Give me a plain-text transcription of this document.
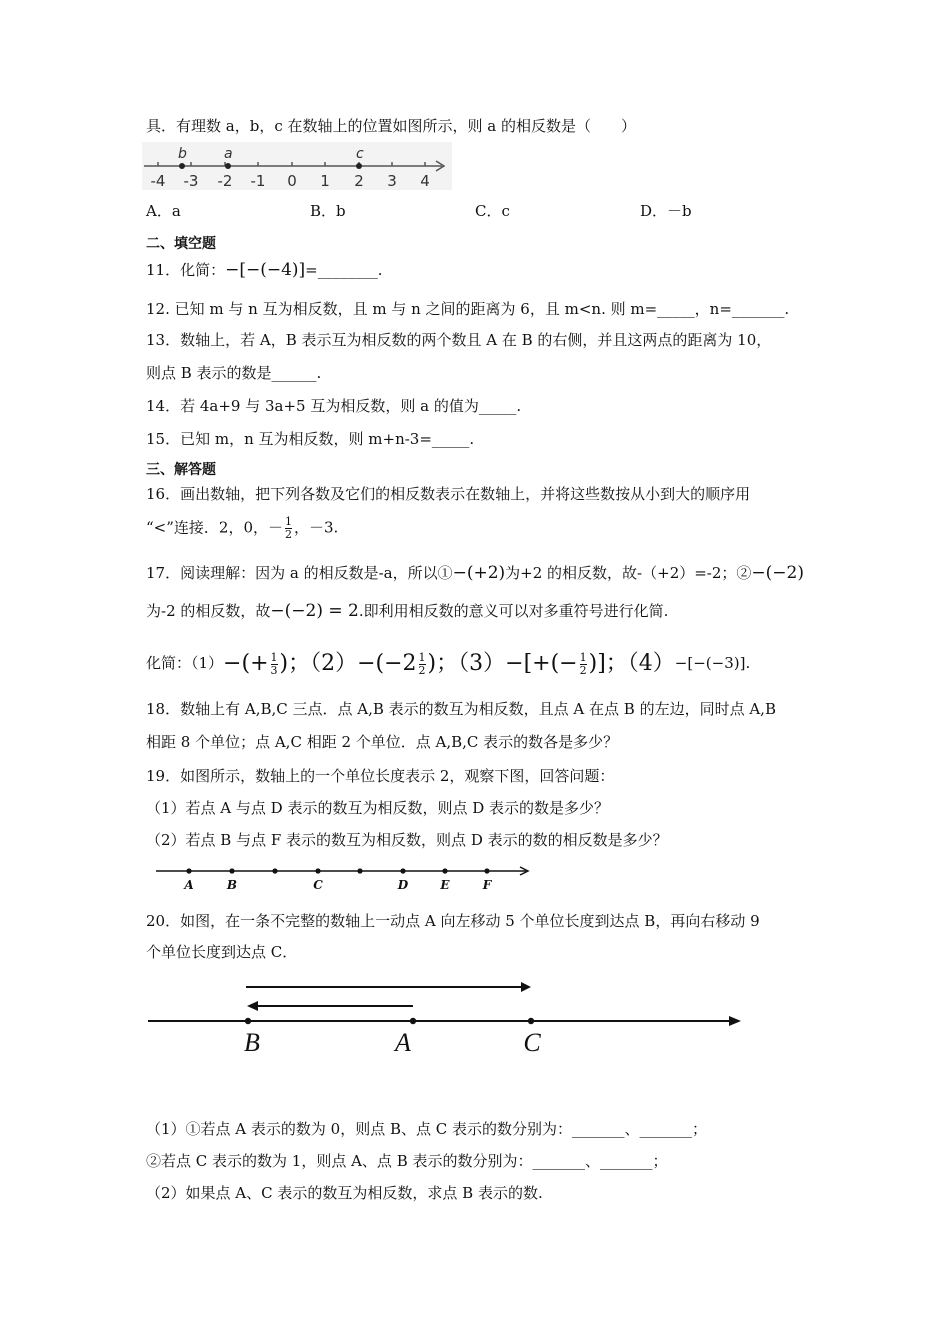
具．有理数 a，b，c 在数轴上的位置如图所示，则 a 的相反数是（　　）
b	a	c
-4 -3 -2 -1 0 1 2 3 4
A．a	B．b	C．c	D．－b
二、填空题
11．化简：−[−(−4)]=________.
12. 已知 m 与 n 互为相反数，且 m 与 n 之间的距离为 6，且 m<n. 则 m=_____，n=_______.
13．数轴上，若 A，B 表示互为相反数的两个数且 A 在 B 的右侧，并且这两点的距离为 10，
则点 B 表示的数是______.
14．若 4a+9 与 3a+5 互为相反数，则 a 的值为_____.
15．已知 m，n 互为相反数，则 m+n-3=_____.
三、解答题
16．画出数轴，把下列各数及它们的相反数表示在数轴上，并将这些数按从小到大的顺序用
“<”连接．2，0，－ $\frac{1}{2}$ ，－3.
17．阅读理解：因为 a 的相反数是-a，所以①−(+2)为+2 的相反数，故-（+2）=-2；②−(−2)
为-2 的相反数，故−(−2) = 2.即利用相反数的意义可以对多重符号进行化简.
化简：$(1)-(+ \frac{1}{3}$ )；$(2)-(-2 \frac{1}{2}$ )；$(3)-[+(- \frac{1}{2}$ )]；（4）−[−(−3)].
18．数轴上有 A,B,C 三点．点 A,B 表示的数互为相反数，且点 A 在点 B 的左边，同时点 A,B
相距 8 个单位；点 A,C 相距 2 个单位．点 A,B,C 表示的数各是多少？
19．如图所示，数轴上的一个单位长度表示 2，观察下图，回答问题：
（1）若点 A 与点 D 表示的数互为相反数，则点 D 表示的数是多少？
（2）若点 B 与点 F 表示的数互为相反数，则点 D 表示的数的相反数是多少？
A	B	C	D	E	F
20．如图，在一条不完整的数轴上一动点 A 向左移动 5 个单位长度到达点 B，再向右移动 9
个单位长度到达点 C．
B	A	C
（1）①若点 A 表示的数为 0，则点 B、点 C 表示的数分别为：_______、_______；
②若点 C 表示的数为 1，则点 A、点 B 表示的数分别为：_______、_______；
（2）如果点 A、C 表示的数互为相反数，求点 B 表示的数.
